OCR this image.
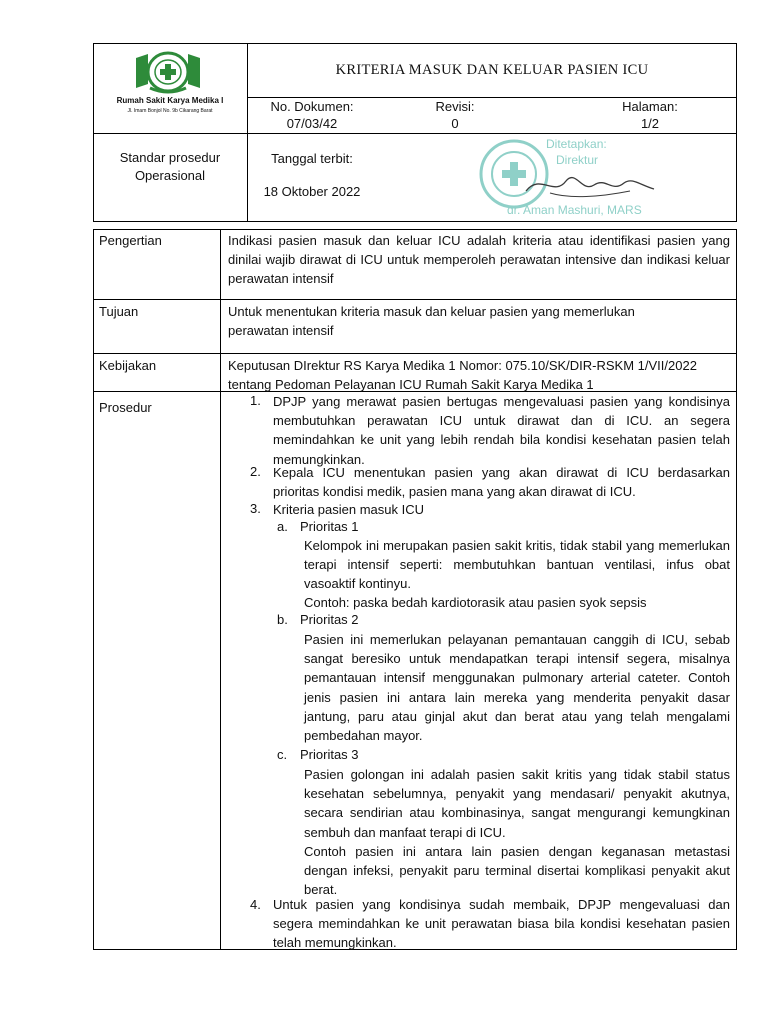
Rumah Sakit Karya Medika I
Jl. Imam Bonjol No. 9b Cikarang Barat
KRITERIA MASUK DAN KELUAR PASIEN ICU
No. Dokumen:
07/03/42
Revisi:
0
Halaman:
1/2
Standar prosedur
Operasional
Tanggal terbit:
18 Oktober 2022
Ditetapkan:
Direktur
dr. Aman Mashuri, MARS
Pengertian	Indikasi pasien masuk dan keluar ICU adalah kriteria atau identifikasi pasien yang dinilai wajib dirawat di ICU untuk memperoleh perawatan intensive dan indikasi keluar perawatan intensif
Tujuan	Untuk menentukan kriteria masuk dan keluar pasien yang memerlukan perawatan intensif
Kebijakan	Keputusan DIrektur RS Karya Medika 1 Nomor: 075.10/SK/DIR-RSKM 1/VII/2022 tentang Pedoman Pelayanan ICU Rumah Sakit Karya Medika 1
Prosedur	1. DPJP yang merawat pasien bertugas mengevaluasi pasien yang kondisinya membutuhkan perawatan ICU untuk dirawat dan di ICU. an segera memindahkan ke unit yang lebih rendah bila kondisi kesehatan pasien telah memungkinkan.
2. Kepala ICU menentukan pasien yang akan dirawat di ICU berdasarkan prioritas kondisi medik, pasien mana yang akan dirawat di ICU.
3. Kriteria pasien masuk ICU
a. Prioritas 1
Kelompok ini merupakan pasien sakit kritis, tidak stabil yang memerlukan terapi intensif seperti: membutuhkan bantuan ventilasi, infus obat vasoaktif kontinyu.
Contoh: paska bedah kardiotorasik atau pasien syok sepsis
b. Prioritas 2
Pasien ini memerlukan pelayanan pemantauan canggih di ICU, sebab sangat beresiko untuk mendapatkan terapi intensif segera, misalnya pemantauan intensif menggunakan pulmonary arterial cateter. Contoh jenis pasien ini antara lain mereka yang menderita penyakit dasar jantung, paru atau ginjal akut dan berat atau yang telah mengalami pembedahan mayor.
c. Prioritas 3
Pasien golongan ini adalah pasien sakit kritis yang tidak stabil status kesehatan sebelumnya, penyakit yang mendasari/ penyakit akutnya, secara sendirian atau kombinasinya, sangat mengurangi kemungkinan sembuh dan manfaat terapi di ICU.
Contoh pasien ini antara lain pasien dengan keganasan metastasi dengan infeksi, penyakit paru terminal disertai komplikasi penyakit akut berat.
4. Untuk pasien yang kondisinya sudah membaik, DPJP mengevaluasi dan segera memindahkan ke unit perawatan biasa bila kondisi kesehatan pasien telah memungkinkan.
